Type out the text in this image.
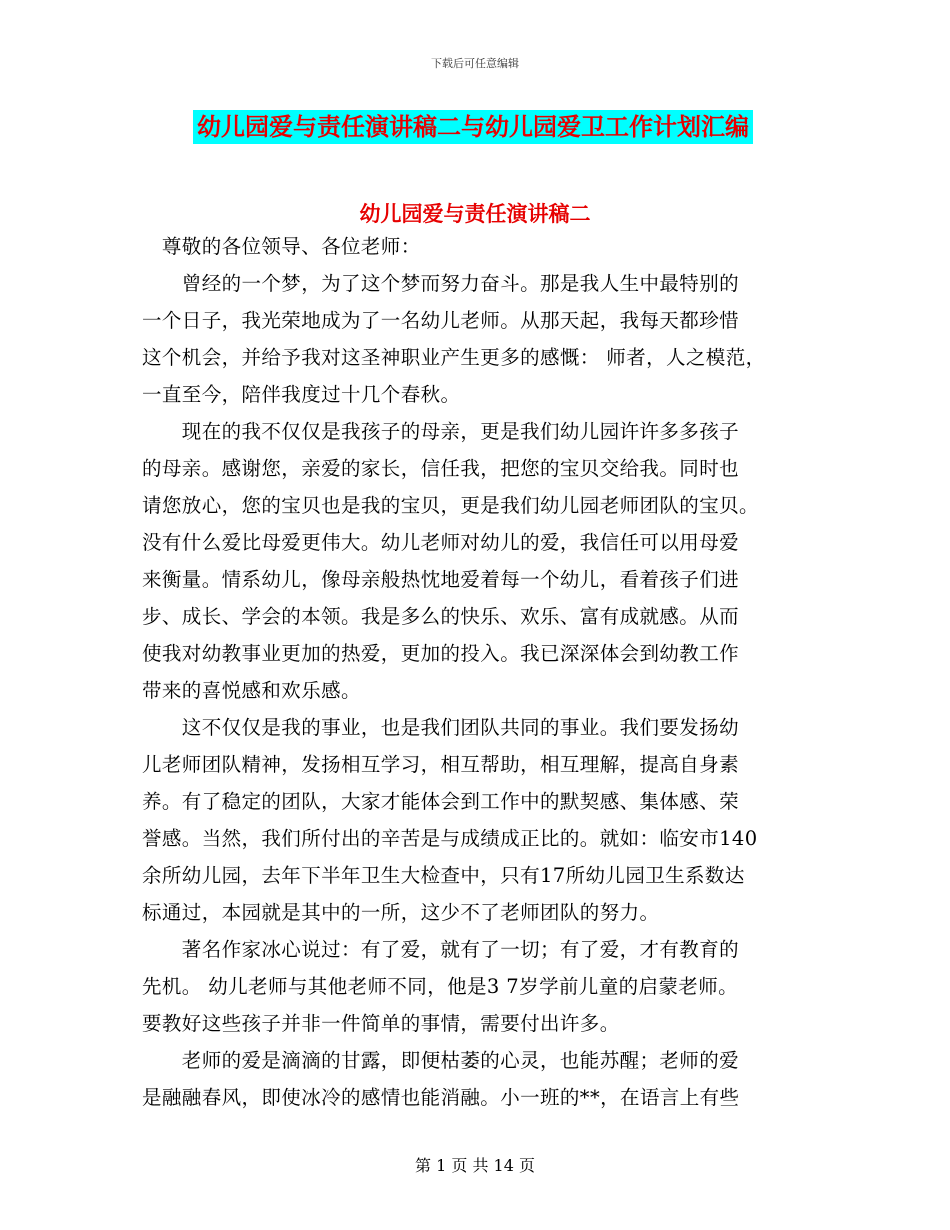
下载后可任意编辑
幼儿园爱与责任演讲稿二与幼儿园爱卫工作计划汇编
幼儿园爱与责任演讲稿二
　尊敬的各位领导、各位老师：
　　曾经的一个梦，为了这个梦而努力奋斗。那是我人生中最特别的
一个日子，我光荣地成为了一名幼儿老师。从那天起，我每天都珍惜
这个机会，并给予我对这圣神职业产生更多的感慨： 师者，人之模范，
一直至今，陪伴我度过十几个春秋。
　　现在的我不仅仅是我孩子的母亲，更是我们幼儿园许许多多孩子
的母亲。感谢您，亲爱的家长，信任我，把您的宝贝交给我。同时也
请您放心，您的宝贝也是我的宝贝，更是我们幼儿园老师团队的宝贝。
没有什么爱比母爱更伟大。幼儿老师对幼儿的爱，我信任可以用母爱
来衡量。情系幼儿，像母亲般热忱地爱着每一个幼儿，看着孩子们进
步、成长、学会的本领。我是多么的快乐、欢乐、富有成就感。从而
使我对幼教事业更加的热爱，更加的投入。我已深深体会到幼教工作
带来的喜悦感和欢乐感。
　　这不仅仅是我的事业，也是我们团队共同的事业。我们要发扬幼
儿老师团队精神，发扬相互学习，相互帮助，相互理解，提高自身素
养。有了稳定的团队，大家才能体会到工作中的默契感、集体感、荣
誉感。当然，我们所付出的辛苦是与成绩成正比的。就如：临安市140
余所幼儿园，去年下半年卫生大检查中，只有17所幼儿园卫生系数达
标通过，本园就是其中的一所，这少不了老师团队的努力。
　　著名作家冰心说过：有了爱，就有了一切；有了爱，才有教育的
先机。 幼儿老师与其他老师不同，他是3 7岁学前儿童的启蒙老师。
要教好这些孩子并非一件简单的事情，需要付出许多。
　　老师的爱是滴滴的甘露，即便枯萎的心灵，也能苏醒；老师的爱
是融融春风，即使冰冷的感情也能消融。小一班的**，在语言上有些
第 1 页 共 14 页
